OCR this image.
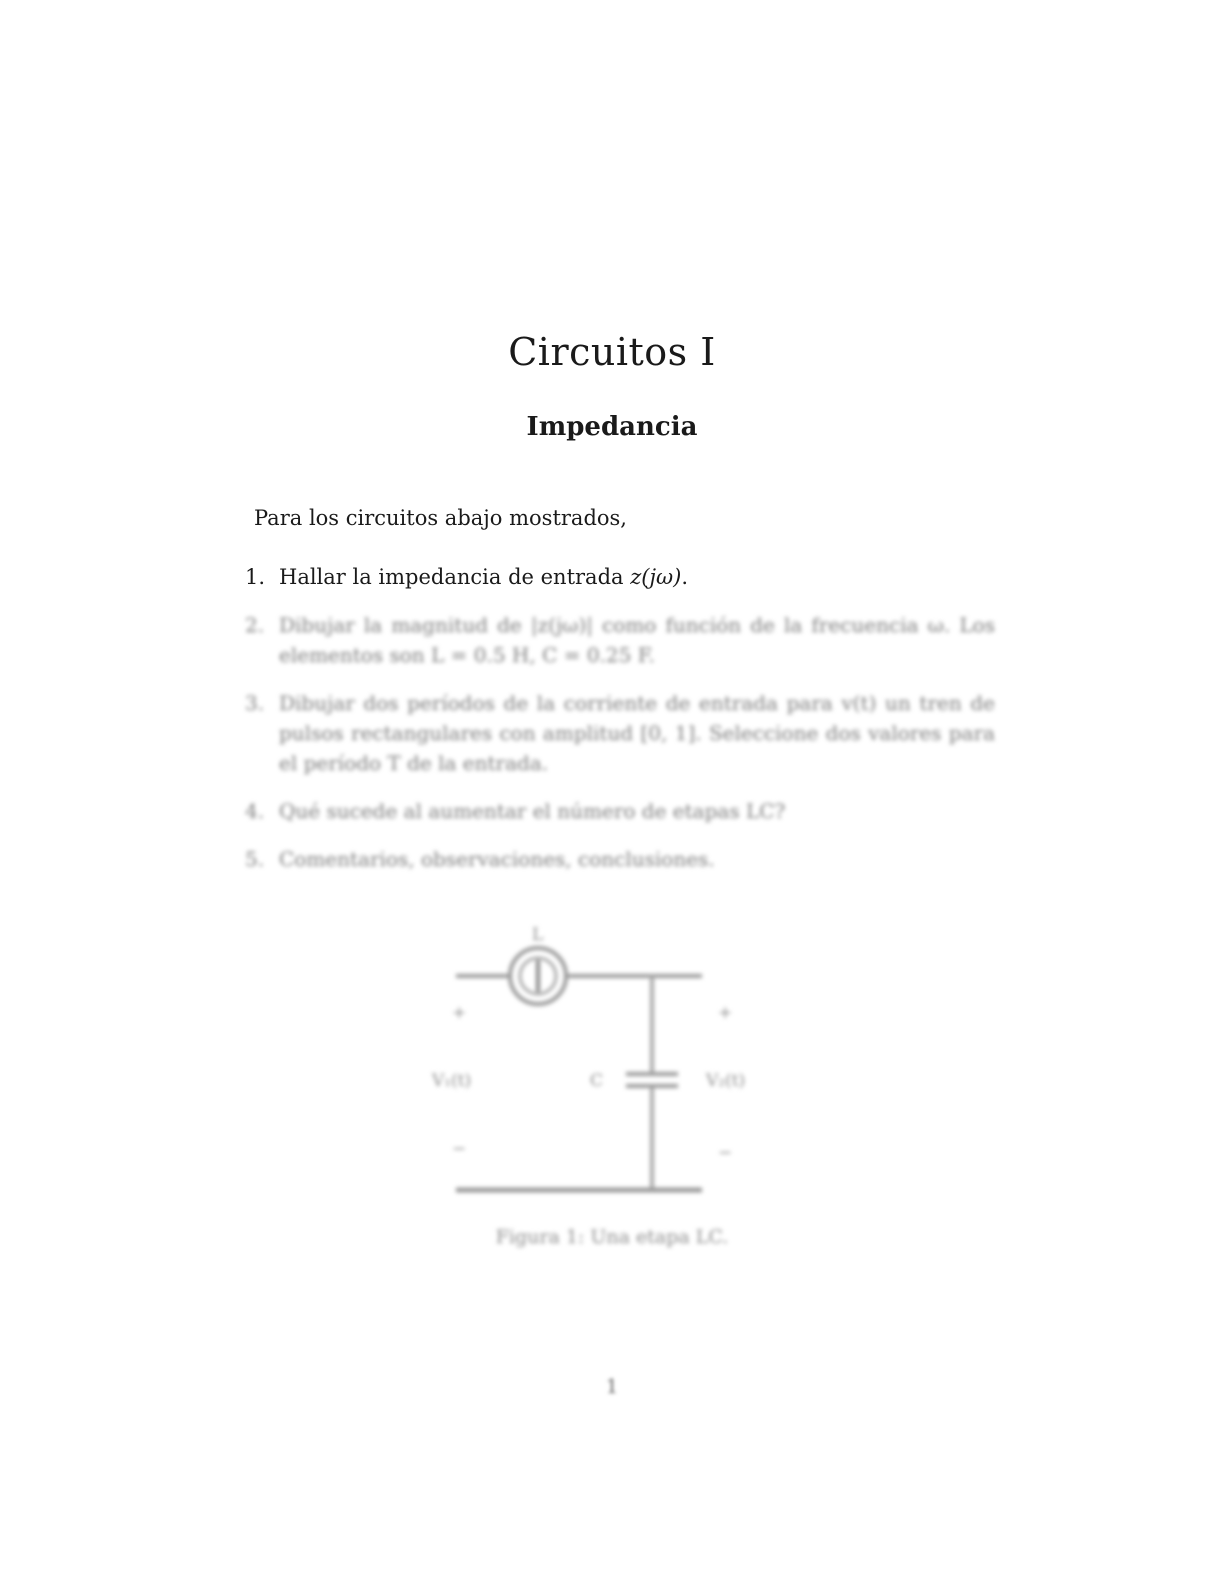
Circuitos I
Impedancia

Para los circuitos abajo mostrados,

1. Hallar la impedancia de entrada z(jω).
2. Dibujar la magnitud de |z(jω)| como función de la frecuencia ω. Los elementos son L = 0.5 H, C = 0.25 F.
3. Dibujar dos períodos de la corriente de entrada para v(t) un tren de pulsos rectangulares con amplitud [0, 1]. Seleccione dos valores para el período T de la entrada.
4. Qué sucede al aumentar el número de etapas LC?
5. Comentarios, observaciones, conclusiones.
L
+
V₁(t)
−
C
+
V₂(t)
−

Figura 1: Una etapa LC.

1
